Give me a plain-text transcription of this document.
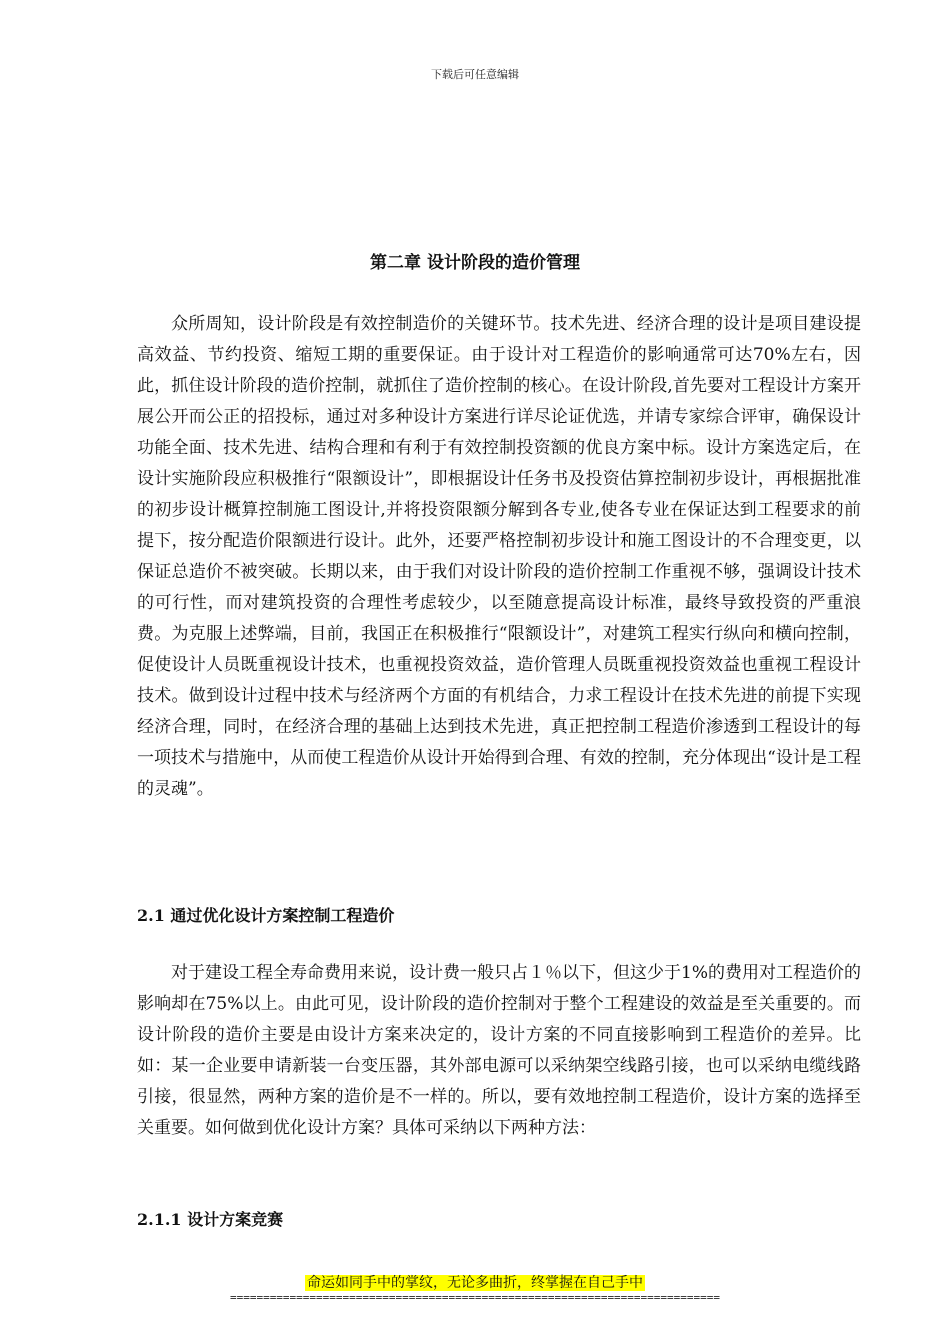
下载后可任意编辑
第二章 设计阶段的造价管理

众所周知，设计阶段是有效控制造价的关键环节。技术先进、经济合理的设计是项目建设提高效益、节约投资、缩短工期的重要保证。由于设计对工程造价的影响通常可达70%左右，因此，抓住设计阶段的造价控制，就抓住了造价控制的核心。在设计阶段,首先要对工程设计方案开展公开而公正的招投标，通过对多种设计方案进行详尽论证优选，并请专家综合评审，确保设计功能全面、技术先进、结构合理和有利于有效控制投资额的优良方案中标。设计方案选定后，在设计实施阶段应积极推行“限额设计”，即根据设计任务书及投资估算控制初步设计，再根据批准的初步设计概算控制施工图设计,并将投资限额分解到各专业,使各专业在保证达到工程要求的前提下，按分配造价限额进行设计。此外，还要严格控制初步设计和施工图设计的不合理变更，以保证总造价不被突破。长期以来，由于我们对设计阶段的造价控制工作重视不够，强调设计技术的可行性，而对建筑投资的合理性考虑较少，以至随意提高设计标准，最终导致投资的严重浪费。为克服上述弊端，目前，我国正在积极推行“限额设计”，对建筑工程实行纵向和横向控制，促使设计人员既重视设计技术，也重视投资效益，造价管理人员既重视投资效益也重视工程设计技术。做到设计过程中技术与经济两个方面的有机结合，力求工程设计在技术先进的前提下实现经济合理，同时，在经济合理的基础上达到技术先进，真正把控制工程造价渗透到工程设计的每一项技术与措施中，从而使工程造价从设计开始得到合理、有效的控制，充分体现出“设计是工程的灵魂”。

2.1 通过优化设计方案控制工程造价

对于建设工程全寿命费用来说，设计费一般只占１％以下，但这少于1%的费用对工程造价的影响却在75%以上。由此可见，设计阶段的造价控制对于整个工程建设的效益是至关重要的。而设计阶段的造价主要是由设计方案来决定的，设计方案的不同直接影响到工程造价的差异。比如：某一企业要申请新装一台变压器，其外部电源可以采纳架空线路引接，也可以采纳电缆线路引接，很显然，两种方案的造价是不一样的。所以，要有效地控制工程造价，设计方案的选择至关重要。如何做到优化设计方案？具体可采纳以下两种方法：

2.1.1 设计方案竞赛
命运如同手中的掌纹，无论多曲折，终掌握在自己手中
==========================================================================
